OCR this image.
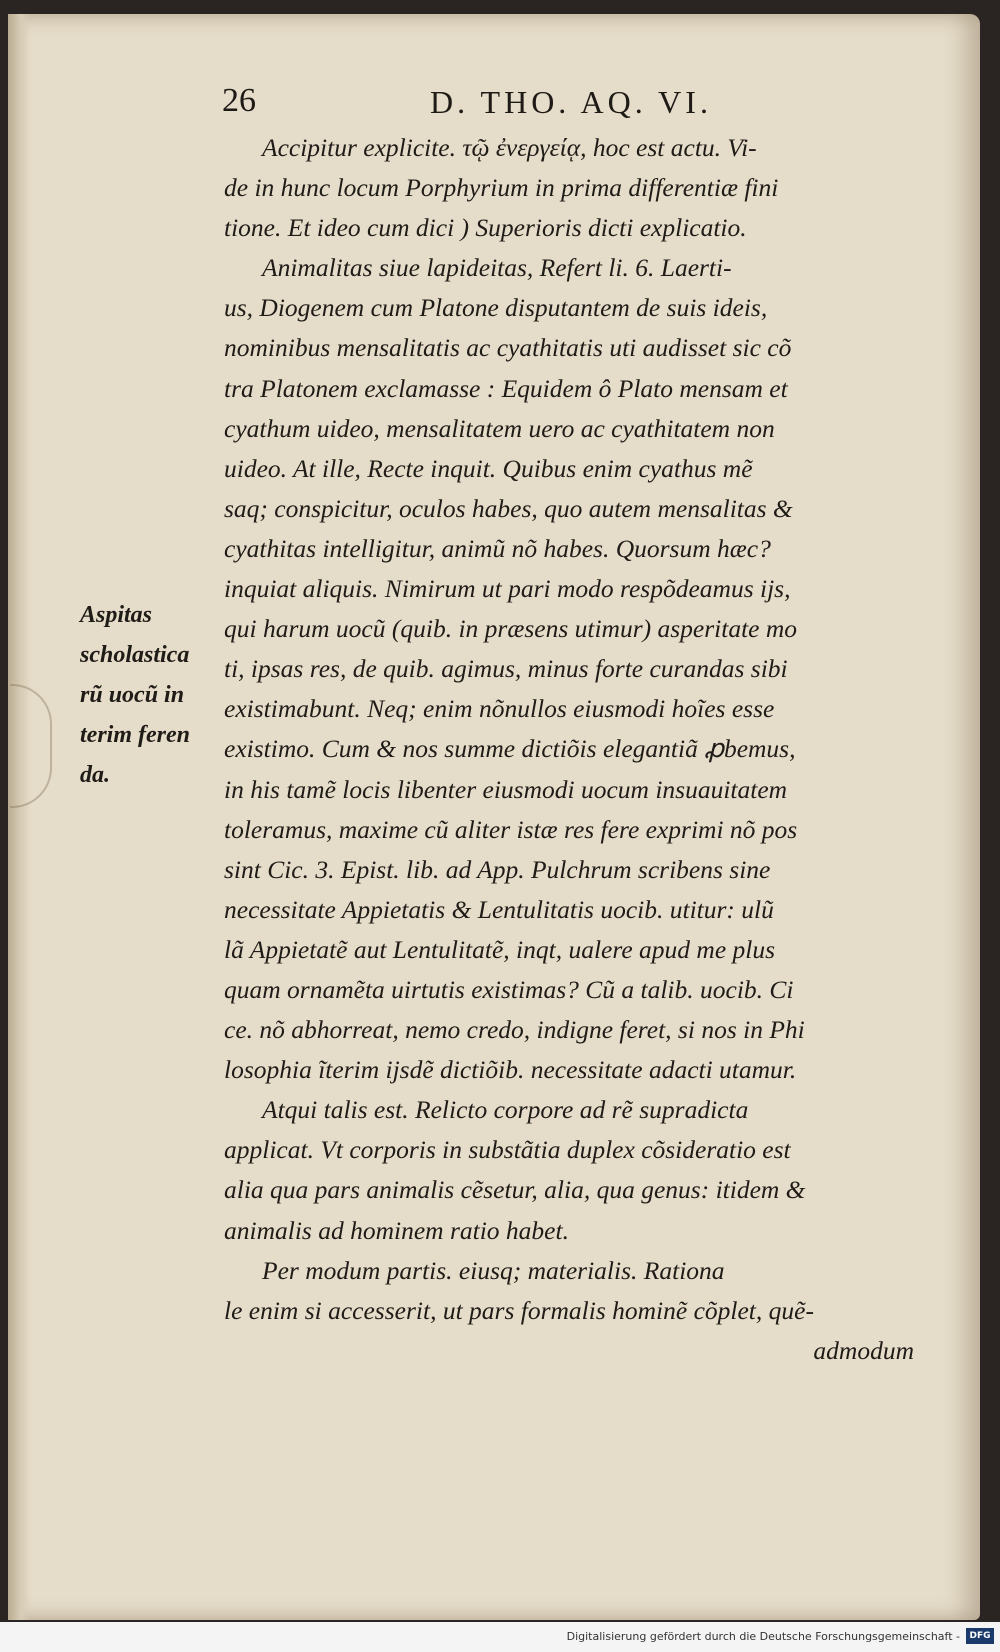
26	D. THO. AQ. VI.
Accipitur explicite. τῷ ἐνεργείᾳ, hoc est actu. Vi-
de in hunc locum Porphyrium in prima differentiæ fini
tione. Et ideo cum dici ) Superioris dicti explicatio.
Animalitas siue lapideitas, Refert li. 6. Laerti-
us, Diogenem cum Platone disputantem de suis ideis,
nominibus mensalitatis ac cyathitatis uti audisset sic cõ
tra Platonem exclamasse : Equidem ô Plato mensam et
cyathum uideo, mensalitatem uero ac cyathitatem non
uideo. At ille, Recte inquit. Quibus enim cyathus mẽ
saq; conspicitur, oculos habes, quo autem mensalitas &
cyathitas intelligitur, animũ nõ habes. Quorsum hæc?
inquiat aliquis. Nimirum ut pari modo respõdeamus ijs,
qui harum uocũ (quib. in præsens utimur) asperitate mo
ti, ipsas res, de quib. agimus, minus forte curandas sibi
existimabunt. Neq; enim nõnullos eiusmodi hoĩes esse
existimo. Cum & nos summe dictiõis elegantiã ꝓbemus,
in his tamẽ locis libenter eiusmodi uocum insuauitatem
toleramus, maxime cũ aliter istæ res fere exprimi nõ pos
sint Cic. 3. Epist. lib. ad App. Pulchrum scribens sine
necessitate Appietatis & Lentulitatis uocib. utitur: ulũ
lã Appietatẽ aut Lentulitatẽ, inqt, ualere apud me plus
quam ornamẽta uirtutis existimas? Cũ a talib. uocib. Ci
ce. nõ abhorreat, nemo credo, indigne feret, si nos in Phi
losophia ĩterim ijsdẽ dictiõib. necessitate adacti utamur.
Atqui talis est. Relicto corpore ad rẽ supradicta
applicat. Vt corporis in substãtia duplex cõsideratio est
alia qua pars animalis cẽsetur, alia, qua genus: itidem &
animalis ad hominem ratio habet.
Per modum partis. eiusq; materialis. Rationa
le enim si accesserit, ut pars formalis hominẽ cõplet, quẽ-
admodum
Aspitas
scholastica
rũ uocũ in
terim feren
da.
Digitalisierung gefördert durch die Deutsche Forschungsgemeinschaft -	DFG
